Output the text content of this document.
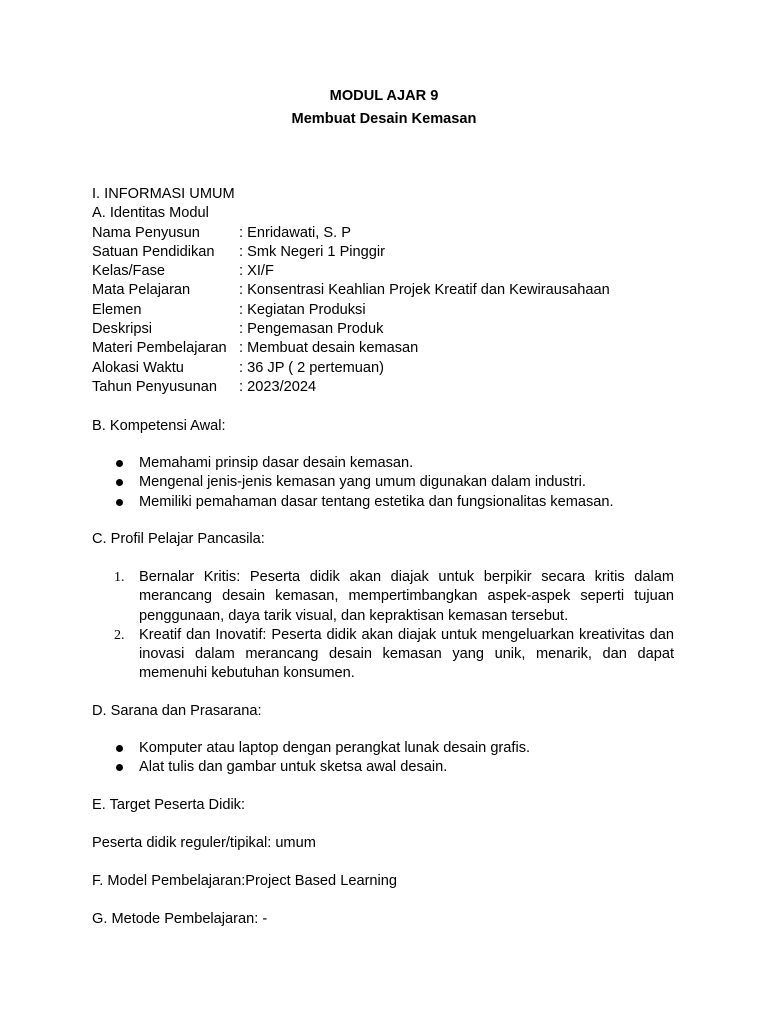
MODUL AJAR 9
Membuat Desain Kemasan
I. INFORMASI UMUM
A. Identitas Modul
Nama Penyusun	: Enridawati, S. P
Satuan Pendidikan	: Smk Negeri 1 Pinggir
Kelas/Fase	: XI/F
Mata Pelajaran	: Konsentrasi Keahlian Projek Kreatif dan Kewirausahaan
Elemen	: Kegiatan Produksi
Deskripsi	: Pengemasan Produk
Materi Pembelajaran : Membuat desain kemasan
Alokasi Waktu	: 36 JP ( 2 pertemuan)
Tahun Penyusunan	: 2023/2024
B. Kompetensi Awal:
Memahami prinsip dasar desain kemasan.
Mengenal jenis-jenis kemasan yang umum digunakan dalam industri.
Memiliki pemahaman dasar tentang estetika dan fungsionalitas kemasan.
C. Profil Pelajar Pancasila:
1. Bernalar Kritis: Peserta didik akan diajak untuk berpikir secara kritis dalam merancang desain kemasan, mempertimbangkan aspek-aspek seperti tujuan penggunaan, daya tarik visual, dan kepraktisan kemasan tersebut.
2. Kreatif dan Inovatif: Peserta didik akan diajak untuk mengeluarkan kreativitas dan inovasi dalam merancang desain kemasan yang unik, menarik, dan dapat memenuhi kebutuhan konsumen.
D. Sarana dan Prasarana:
Komputer atau laptop dengan perangkat lunak desain grafis.
Alat tulis dan gambar untuk sketsa awal desain.
E. Target Peserta Didik:
Peserta didik reguler/tipikal: umum
F. Model Pembelajaran:Project Based Learning
G. Metode Pembelajaran: -
